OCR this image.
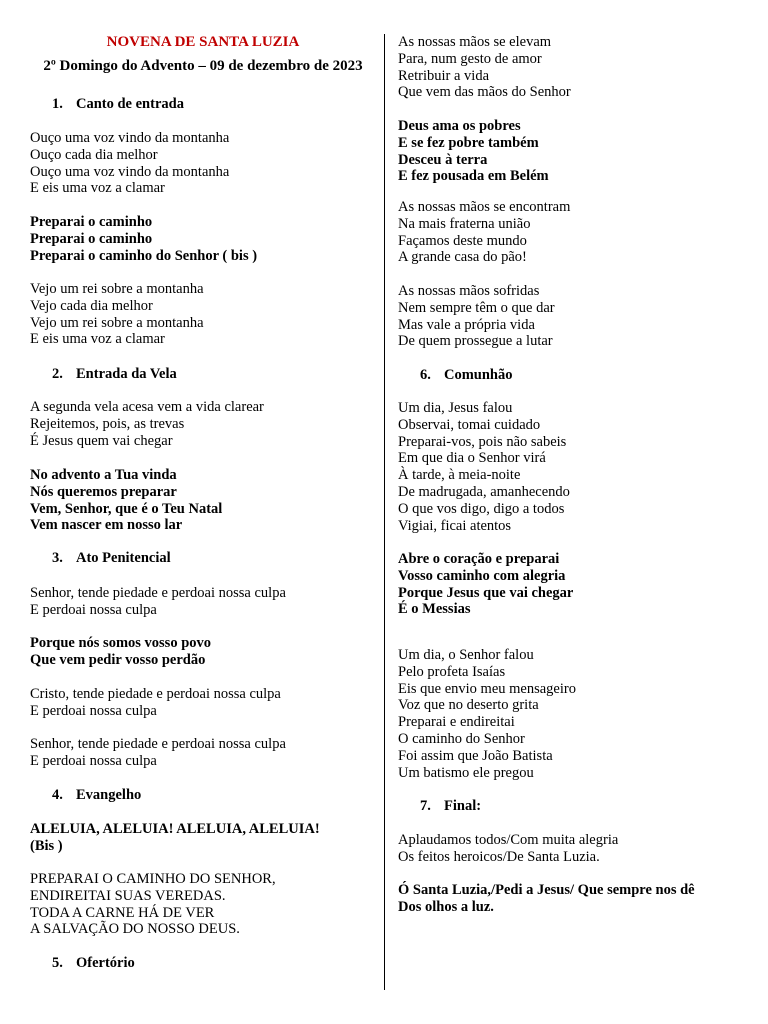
NOVENA DE SANTA LUZIA
2º Domingo do Advento – 09 de dezembro de 2023
1. Canto de entrada
Ouço uma voz vindo da montanha
Ouço cada dia melhor
Ouço uma voz vindo da montanha
E eis uma voz a clamar
Preparai o caminho
Preparai o caminho
Preparai o caminho do Senhor ( bis )
Vejo um rei sobre a montanha
Vejo cada dia melhor
Vejo um rei sobre a montanha
E eis uma voz a clamar
2. Entrada da Vela
A segunda vela acesa vem a vida clarear
Rejeitemos, pois, as trevas
É Jesus quem vai chegar
No advento a Tua vinda
Nós queremos preparar
Vem, Senhor, que é o Teu Natal
Vem nascer em nosso lar
3. Ato Penitencial
Senhor, tende piedade e perdoai nossa culpa
E perdoai nossa culpa
Porque nós somos vosso povo
Que vem pedir vosso perdão
Cristo, tende piedade e perdoai nossa culpa
E perdoai nossa culpa
Senhor, tende piedade e perdoai nossa culpa
E perdoai nossa culpa
4. Evangelho
ALELUIA, ALELUIA! ALELUIA, ALELUIA!
(Bis )
PREPARAI O CAMINHO DO SENHOR,
ENDIREITAI SUAS VEREDAS.
TODA A CARNE HÁ DE VER
A SALVAÇÃO DO NOSSO DEUS.
5. Ofertório
As nossas mãos se elevam
Para, num gesto de amor
Retribuir a vida
Que vem das mãos do Senhor
Deus ama os pobres
E se fez pobre também
Desceu à terra
E fez pousada em Belém
As nossas mãos se encontram
Na mais fraterna união
Façamos deste mundo
A grande casa do pão!
As nossas mãos sofridas
Nem sempre têm o que dar
Mas vale a própria vida
De quem prossegue a lutar
6. Comunhão
Um dia, Jesus falou
Observai, tomai cuidado
Preparai-vos, pois não sabeis
Em que dia o Senhor virá
À tarde, à meia-noite
De madrugada, amanhecendo
O que vos digo, digo a todos
Vigiai, ficai atentos
Abre o coração e preparai
Vosso caminho com alegria
Porque Jesus que vai chegar
É o Messias
Um dia, o Senhor falou
Pelo profeta Isaías
Eis que envio meu mensageiro
Voz que no deserto grita
Preparai e endireitai
O caminho do Senhor
Foi assim que João Batista
Um batismo ele pregou
7. Final:
Aplaudamos todos/Com muita alegria
Os feitos heroicos/De Santa Luzia.
Ó Santa Luzia,/Pedi a Jesus/ Que sempre nos dê
Dos olhos a luz.
